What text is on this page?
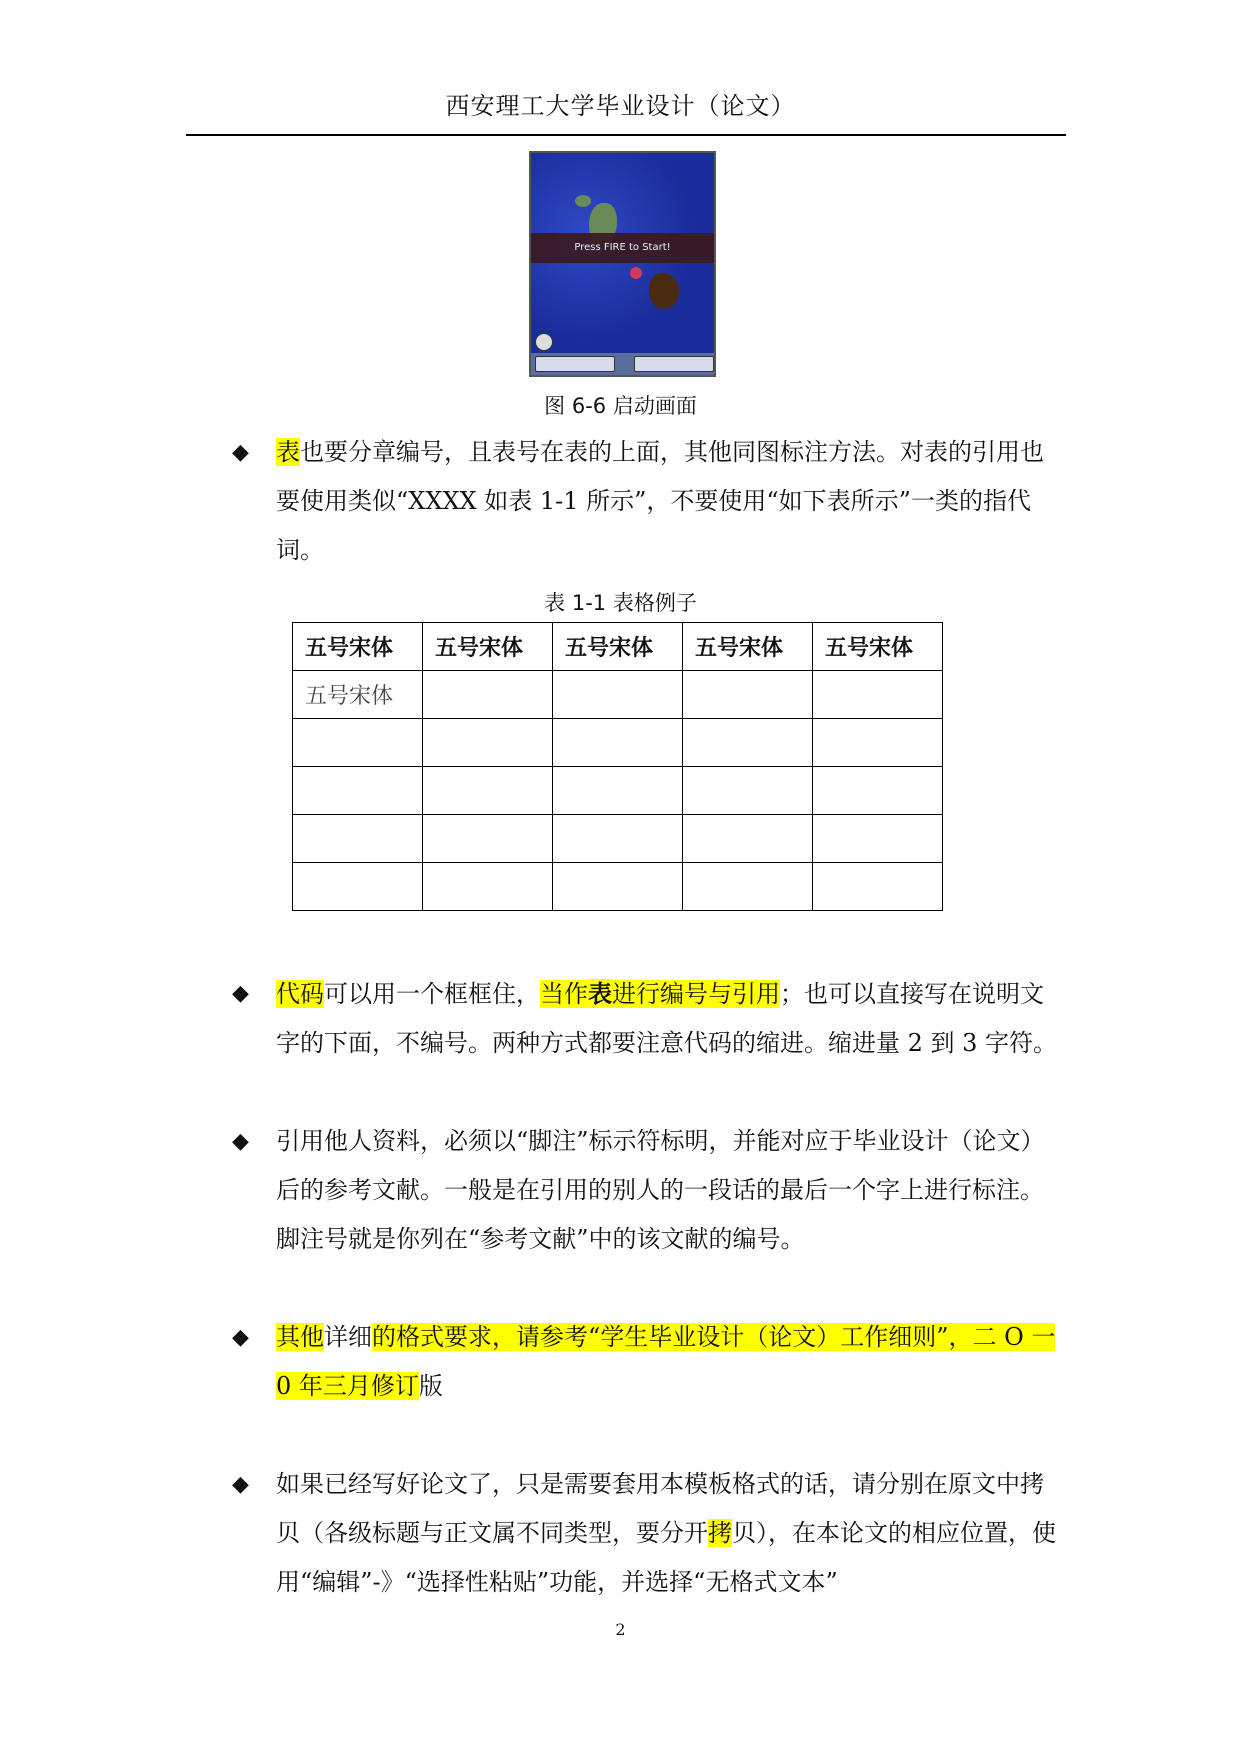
西安理工大学毕业设计（论文）
Press FIRE to Start!
图 6-6 启动画面
◆ 表也要分章编号，且表号在表的上面，其他同图标注方法。对表的引用也要使用类似“XXXX 如表 1-1 所示”，不要使用“如下表所示”一类的指代词。
表 1-1 表格例子
五号宋体	五号宋体	五号宋体	五号宋体	五号宋体
五号宋体				

◆ 代码可以用一个框框住，当作表进行编号与引用；也可以直接写在说明文字的下面，不编号。两种方式都要注意代码的缩进。缩进量 2 到 3 字符。
◆ 引用他人资料，必须以“脚注”标示符标明，并能对应于毕业设计（论文）后的参考文献。一般是在引用的别人的一段话的最后一个字上进行标注。脚注号就是你列在“参考文献”中的该文献的编号。
◆ 其他详细的格式要求，请参考“学生毕业设计（论文）工作细则”，二 O 一 0 年三月修订版
◆ 如果已经写好论文了，只是需要套用本模板格式的话，请分别在原文中拷贝（各级标题与正文属不同类型，要分开拷贝），在本论文的相应位置，使用“编辑”-》“选择性粘贴”功能，并选择“无格式文本”
2
